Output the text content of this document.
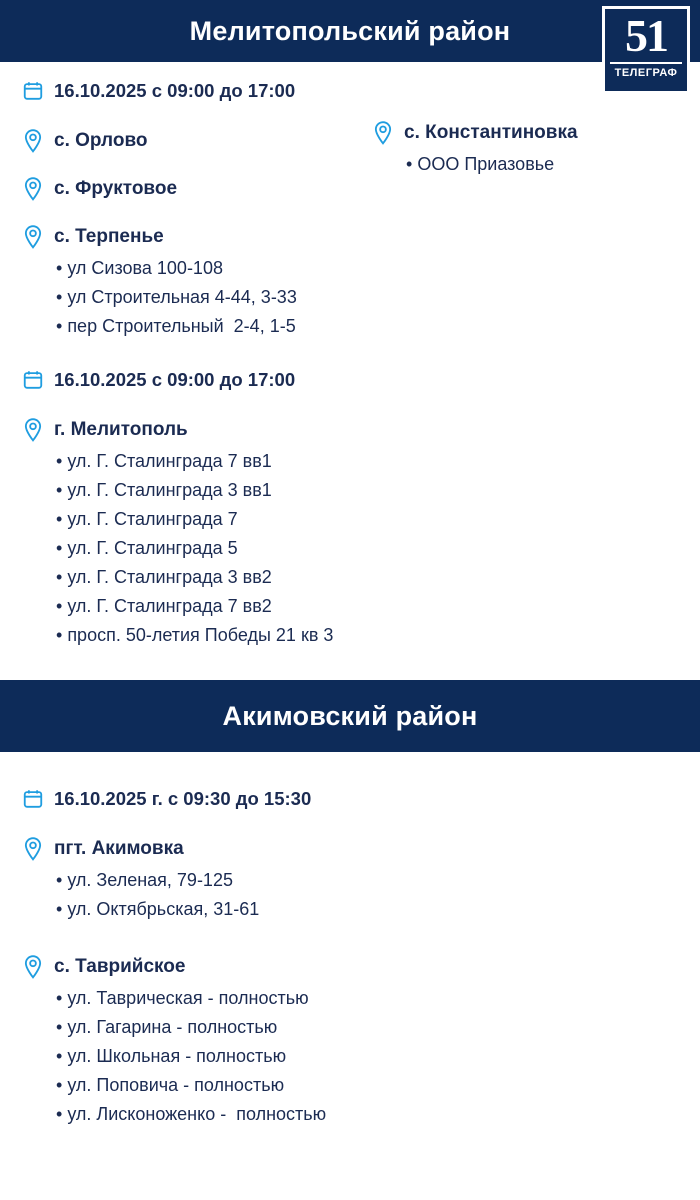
Мелитопольский район 51
ТЕЛЕГРАФ
16.10.2025 с 09:00 до 17:00
с. Орлово
с. Фруктовое
с. Терпенье
• ул Сизова 100-108
• ул Строительная 4-44, 3-33
• пер Строительный  2-4, 1-5
с. Константиновка
• ООО Приазовье
16.10.2025 с 09:00 до 17:00
г. Мелитополь
• ул. Г. Сталинграда 7 вв1
• ул. Г. Сталинграда 3 вв1
• ул. Г. Сталинграда 7
• ул. Г. Сталинграда 5
• ул. Г. Сталинграда 3 вв2
• ул. Г. Сталинграда 7 вв2
• просп. 50-летия Победы 21 кв 3
Акимовский район
16.10.2025 г. с 09:30 до 15:30
пгт. Акимовка
• ул. Зеленая, 79-125
• ул. Октябрьская, 31-61
с. Таврийское
• ул. Таврическая - полностью
• ул. Гагарина - полностью
• ул. Школьная - полностью
• ул. Поповича - полностью
• ул. Лисконоженко -  полностью
